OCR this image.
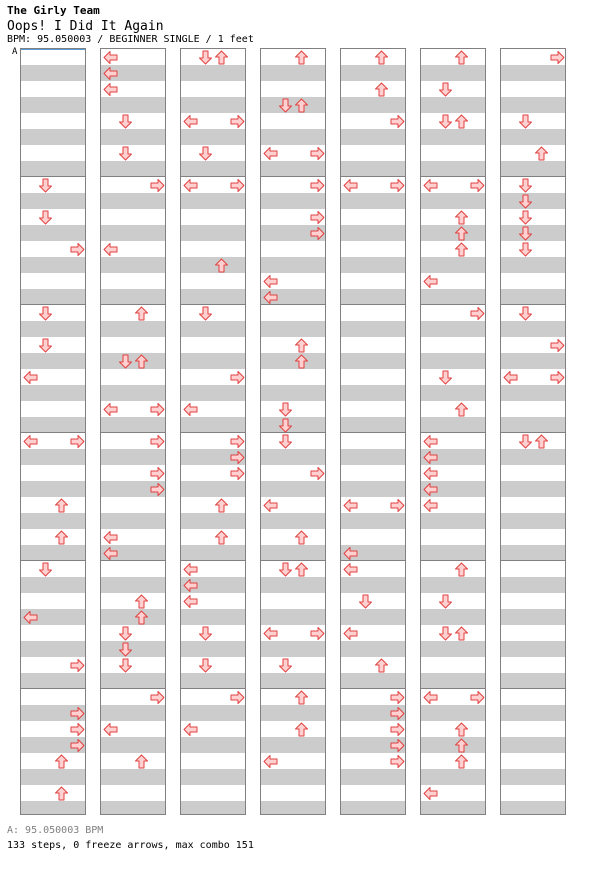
The Girly Team
Oops! I Did It Again
BPM: 95.050003 / BEGINNER SINGLE / 1 feet
A
A: 95.050003 BPM
133 steps, 0 freeze arrows, max combo 151
